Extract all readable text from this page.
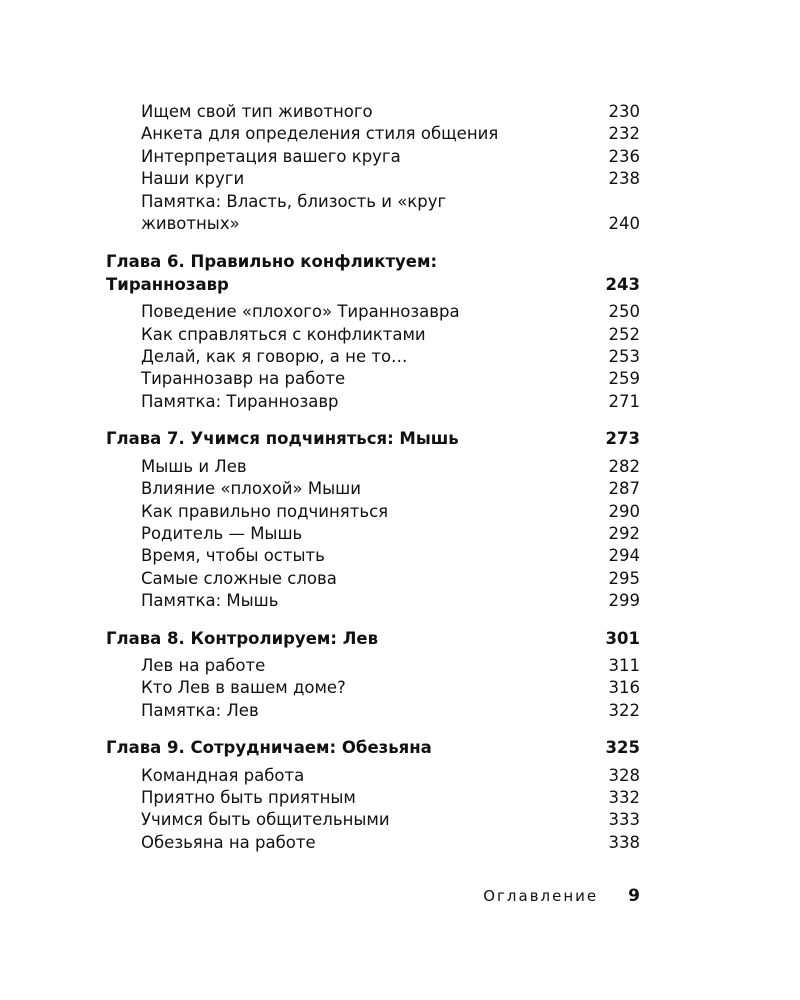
Ищем свой тип животного	230
Анкета для определения стиля общения	232
Интерпретация вашего круга	236
Наши круги	238
Памятка: Власть, близость и «круг
животных»	240
Глава 6. Правильно конфликтуем:
Тираннозавр	243
Поведение «плохого» Тираннозавра	250
Как справляться с конфликтами	252
Делай, как я говорю, а не то…	253
Тираннозавр на работе	259
Памятка: Тираннозавр	271
Глава 7. Учимся подчиняться: Мышь	273
Мышь и Лев	282
Влияние «плохой» Мыши	287
Как правильно подчиняться	290
Родитель — Мышь	292
Время, чтобы остыть	294
Самые сложные слова	295
Памятка: Мышь	299
Глава 8. Контролируем: Лев	301
Лев на работе	311
Кто Лев в вашем доме?	316
Памятка: Лев	322
Глава 9. Сотрудничаем: Обезьяна	325
Командная работа	328
Приятно быть приятным	332
Учимся быть общительными	333
Обезьяна на работе	338
Оглавление 9
